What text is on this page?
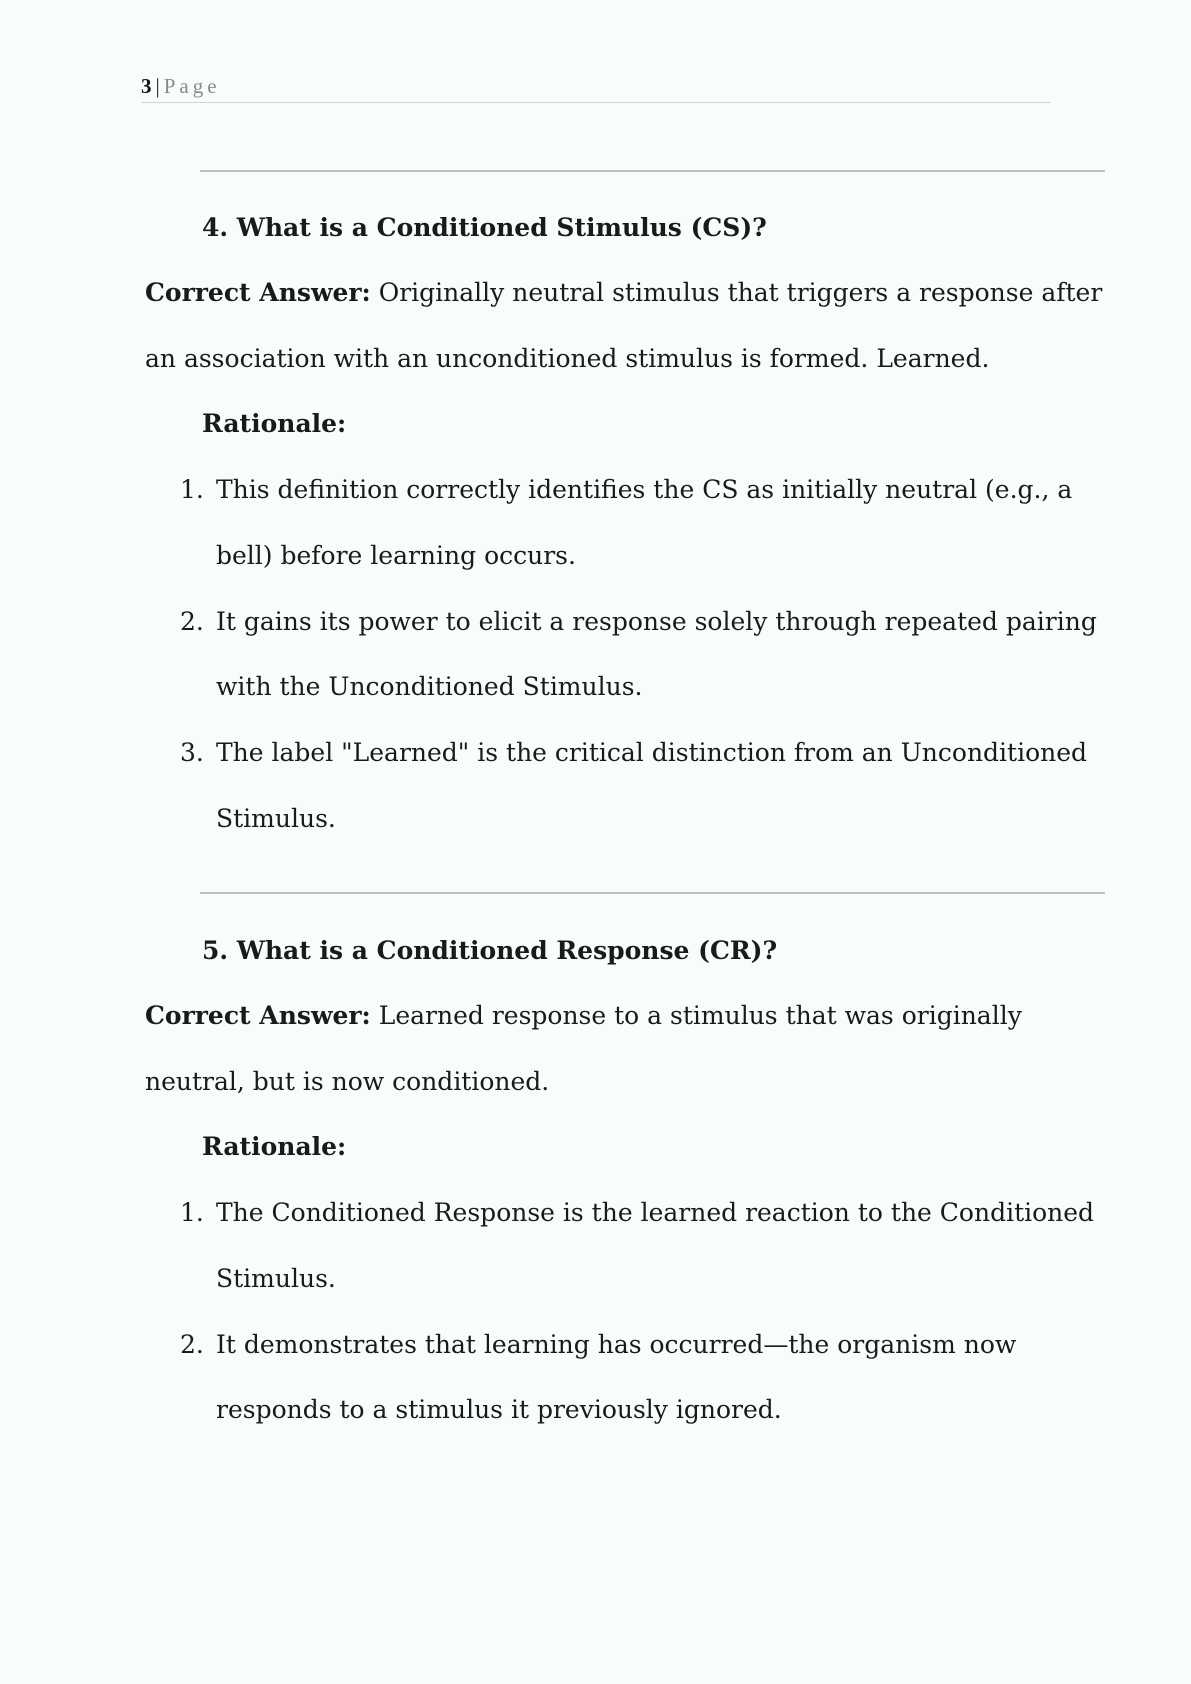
3 | Page
4. What is a Conditioned Stimulus (CS)?
Correct Answer: Originally neutral stimulus that triggers a response after
an association with an unconditioned stimulus is formed. Learned.
Rationale:
1. This definition correctly identifies the CS as initially neutral (e.g., a
bell) before learning occurs.
2. It gains its power to elicit a response solely through repeated pairing
with the Unconditioned Stimulus.
3. The label "Learned" is the critical distinction from an Unconditioned
Stimulus.
5. What is a Conditioned Response (CR)?
Correct Answer: Learned response to a stimulus that was originally
neutral, but is now conditioned.
Rationale:
1. The Conditioned Response is the learned reaction to the Conditioned
Stimulus.
2. It demonstrates that learning has occurred—the organism now
responds to a stimulus it previously ignored.
